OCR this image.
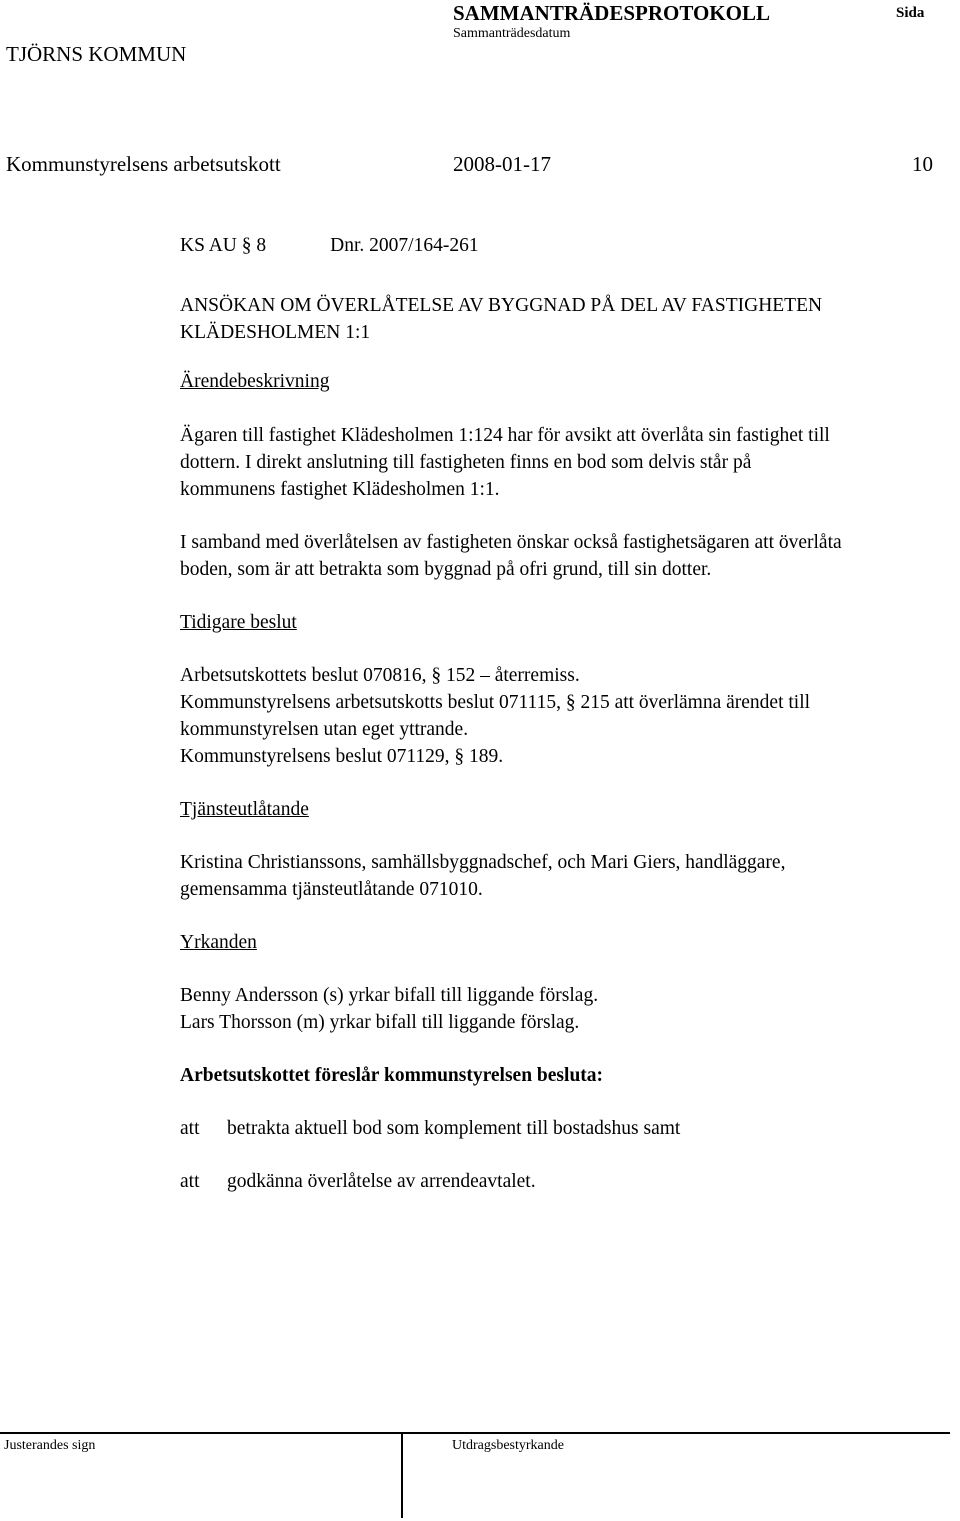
TJÖRNS KOMMUN
SAMMANTRÄDESPROTOKOLL	Sida
Sammanträdesdatum
Kommunstyrelsens arbetsutskott	2008-01-17	10
KS AU § 8	Dnr. 2007/164-261
ANSÖKAN OM ÖVERLÅTELSE AV BYGGNAD PÅ DEL AV FASTIGHETEN
KLÄDESHOLMEN 1:1
Ärendebeskrivning
Ägaren till fastighet Klädesholmen 1:124 har för avsikt att överlåta sin fastighet till
dottern. I direkt anslutning till fastigheten finns en bod som delvis står på
kommunens fastighet Klädesholmen 1:1.
I samband med överlåtelsen av fastigheten önskar också fastighetsägaren att överlåta
boden, som är att betrakta som byggnad på ofri grund, till sin dotter.
Tidigare beslut
Arbetsutskottets beslut 070816, § 152 – återremiss.
Kommunstyrelsens arbetsutskotts beslut 071115, § 215 att överlämna ärendet till
kommunstyrelsen utan eget yttrande.
Kommunstyrelsens beslut 071129, § 189.
Tjänsteutlåtande
Kristina Christianssons, samhällsbyggnadschef, och Mari Giers, handläggare,
gemensamma tjänsteutlåtande 071010.
Yrkanden
Benny Andersson (s) yrkar bifall till liggande förslag.
Lars Thorsson (m) yrkar bifall till liggande förslag.
Arbetsutskottet föreslår kommunstyrelsen besluta:
att	betrakta aktuell bod som komplement till bostadshus samt
att	godkänna överlåtelse av arrendeavtalet.
Justerandes sign	Utdragsbestyrkande
